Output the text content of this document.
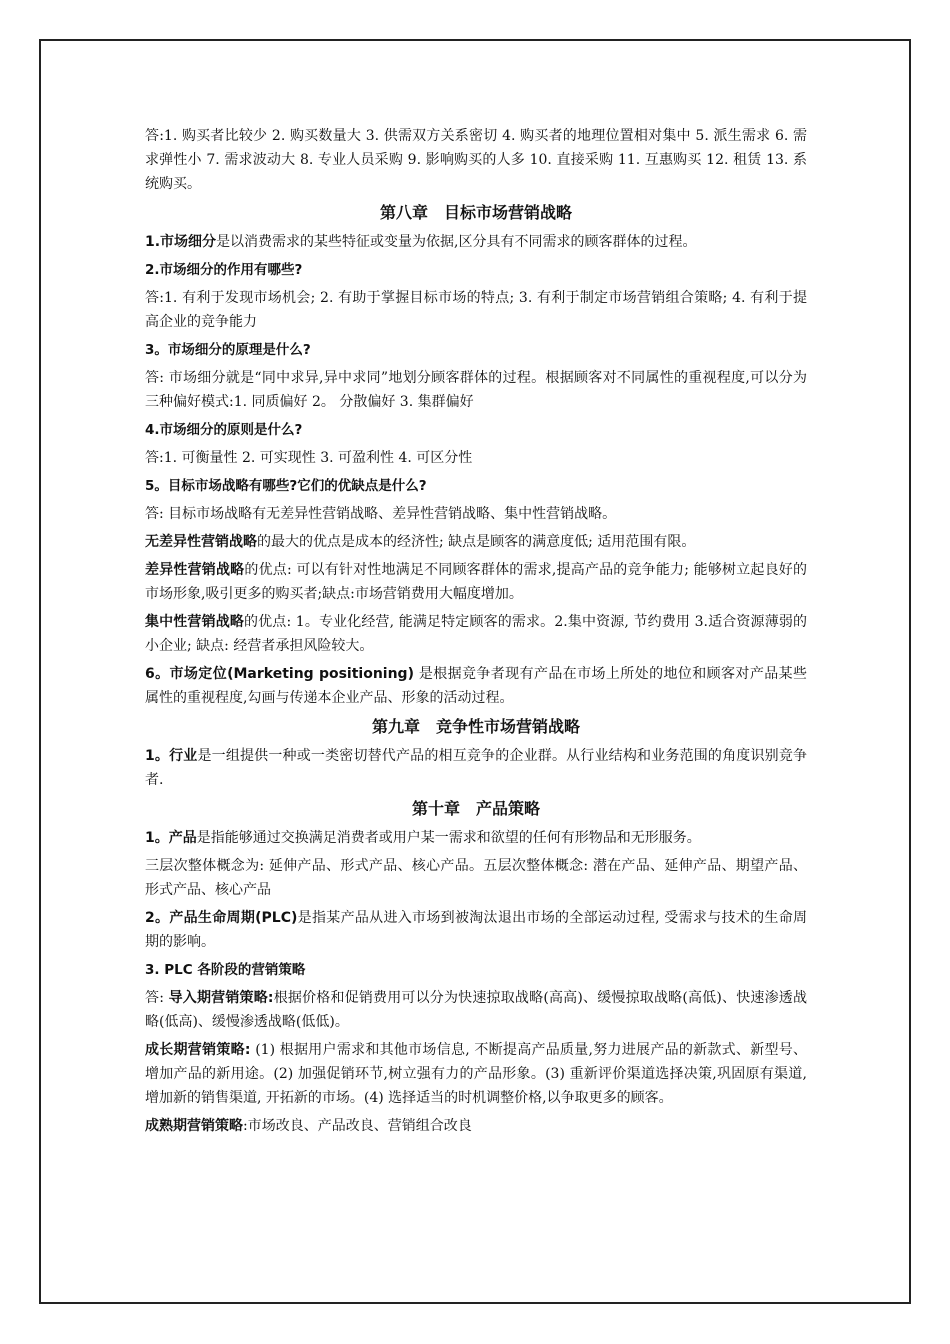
答:1. 购买者比较少 2. 购买数量大 3. 供需双方关系密切 4. 购买者的地理位置相对集中 5. 派生需求 6. 需求弹性小 7. 需求波动大 8. 专业人员采购 9. 影响购买的人多 10. 直接采购 11. 互惠购买 12. 租赁 13. 系统购买。

第八章　目标市场营销战略

1.市场细分是以消费需求的某些特征或变量为依据,区分具有不同需求的顾客群体的过程。

2.市场细分的作用有哪些?

答:1. 有利于发现市场机会; 2. 有助于掌握目标市场的特点; 3. 有利于制定市场营销组合策略; 4. 有利于提高企业的竞争能力

3。市场细分的原理是什么?

答: 市场细分就是“同中求异,异中求同”地划分顾客群体的过程。根据顾客对不同属性的重视程度,可以分为三种偏好模式:1. 同质偏好 2。 分散偏好 3. 集群偏好

4.市场细分的原则是什么?

答:1. 可衡量性 2. 可实现性 3. 可盈利性 4. 可区分性

5。目标市场战略有哪些?它们的优缺点是什么?

答: 目标市场战略有无差异性营销战略、差异性营销战略、集中性营销战略。

无差异性营销战略的最大的优点是成本的经济性; 缺点是顾客的满意度低; 适用范围有限。

差异性营销战略的优点: 可以有针对性地满足不同顾客群体的需求,提高产品的竞争能力; 能够树立起良好的市场形象,吸引更多的购买者;缺点:市场营销费用大幅度增加。

集中性营销战略的优点: 1。专业化经营, 能满足特定顾客的需求。2.集中资源, 节约费用 3.适合资源薄弱的小企业; 缺点: 经营者承担风险较大。

6。市场定位(Marketing positioning) 是根据竞争者现有产品在市场上所处的地位和顾客对产品某些属性的重视程度,勾画与传递本企业产品、形象的活动过程。

第九章　竞争性市场营销战略

1。行业是一组提供一种或一类密切替代产品的相互竞争的企业群。从行业结构和业务范围的角度识别竞争者.

第十章　产品策略

1。产品是指能够通过交换满足消费者或用户某一需求和欲望的任何有形物品和无形服务。

三层次整体概念为: 延伸产品、形式产品、核心产品。五层次整体概念: 潜在产品、延伸产品、期望产品、形式产品、核心产品

2。产品生命周期(PLC)是指某产品从进入市场到被淘汰退出市场的全部运动过程, 受需求与技术的生命周期的影响。

3. PLC 各阶段的营销策略

答: 导入期营销策略:根据价格和促销费用可以分为快速掠取战略(高高)、缓慢掠取战略(高低)、快速渗透战略(低高)、缓慢渗透战略(低低)。

成长期营销策略: (1) 根据用户需求和其他市场信息, 不断提高产品质量,努力进展产品的新款式、新型号、增加产品的新用途。(2) 加强促销环节,树立强有力的产品形象。(3) 重新评价渠道选择决策,巩固原有渠道, 增加新的销售渠道, 开拓新的市场。(4) 选择适当的时机调整价格,以争取更多的顾客。

成熟期营销策略:市场改良、产品改良、营销组合改良
